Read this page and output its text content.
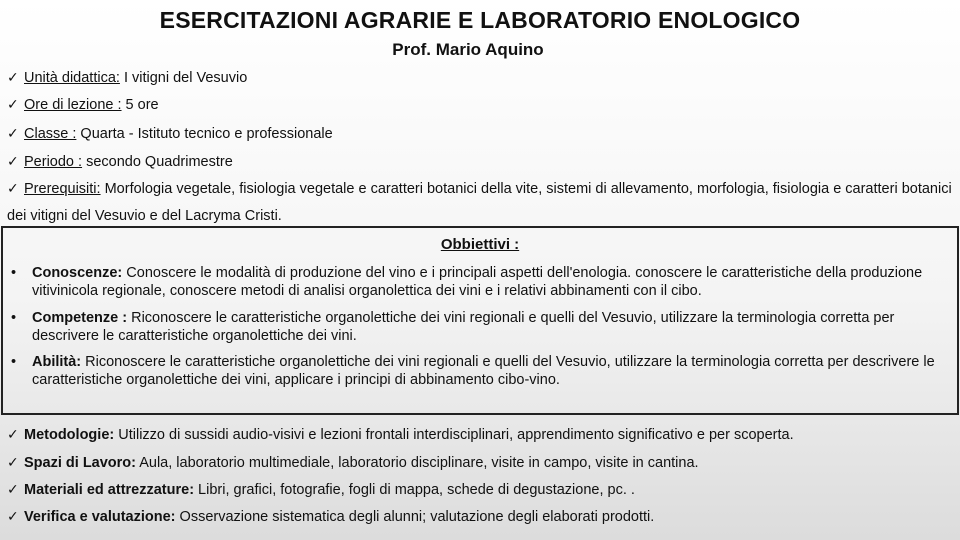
ESERCITAZIONI AGRARIE E LABORATORIO ENOLOGICO
Prof. Mario Aquino
✓ Unità didattica: I vitigni del Vesuvio
✓ Ore di lezione : 5 ore
✓ Classe : Quarta - Istituto tecnico e professionale
✓ Periodo : secondo Quadrimestre
✓ Prerequisiti: Morfologia vegetale, fisiologia vegetale e caratteri botanici della vite, sistemi di allevamento, morfologia, fisiologia e caratteri botanici dei vitigni del Vesuvio e del Lacryma Cristi.
Obbiettivi :
• Conoscenze: Conoscere le modalità di produzione del vino e i principali aspetti dell'enologia. conoscere le caratteristiche della produzione vitivinicola regionale, conoscere metodi di analisi organolettica dei vini e i relativi abbinamenti con il cibo.
• Competenze : Riconoscere le caratteristiche organolettiche dei vini regionali e quelli del Vesuvio, utilizzare la terminologia corretta per descrivere le caratteristiche organolettiche dei vini.
• Abilità: Riconoscere le caratteristiche organolettiche dei vini regionali e quelli del Vesuvio, utilizzare la terminologia corretta per descrivere le caratteristiche organolettiche dei vini, applicare i principi di abbinamento cibo-vino.
✓ Metodologie: Utilizzo di sussidi audio-visivi e lezioni frontali interdisciplinari, apprendimento significativo e per scoperta.
✓ Spazi di Lavoro: Aula, laboratorio multimediale, laboratorio disciplinare, visite in campo, visite in cantina.
✓ Materiali ed attrezzature: Libri, grafici, fotografie, fogli di mappa, schede di degustazione, pc. .
✓ Verifica e valutazione: Osservazione sistematica degli alunni; valutazione degli elaborati prodotti.
